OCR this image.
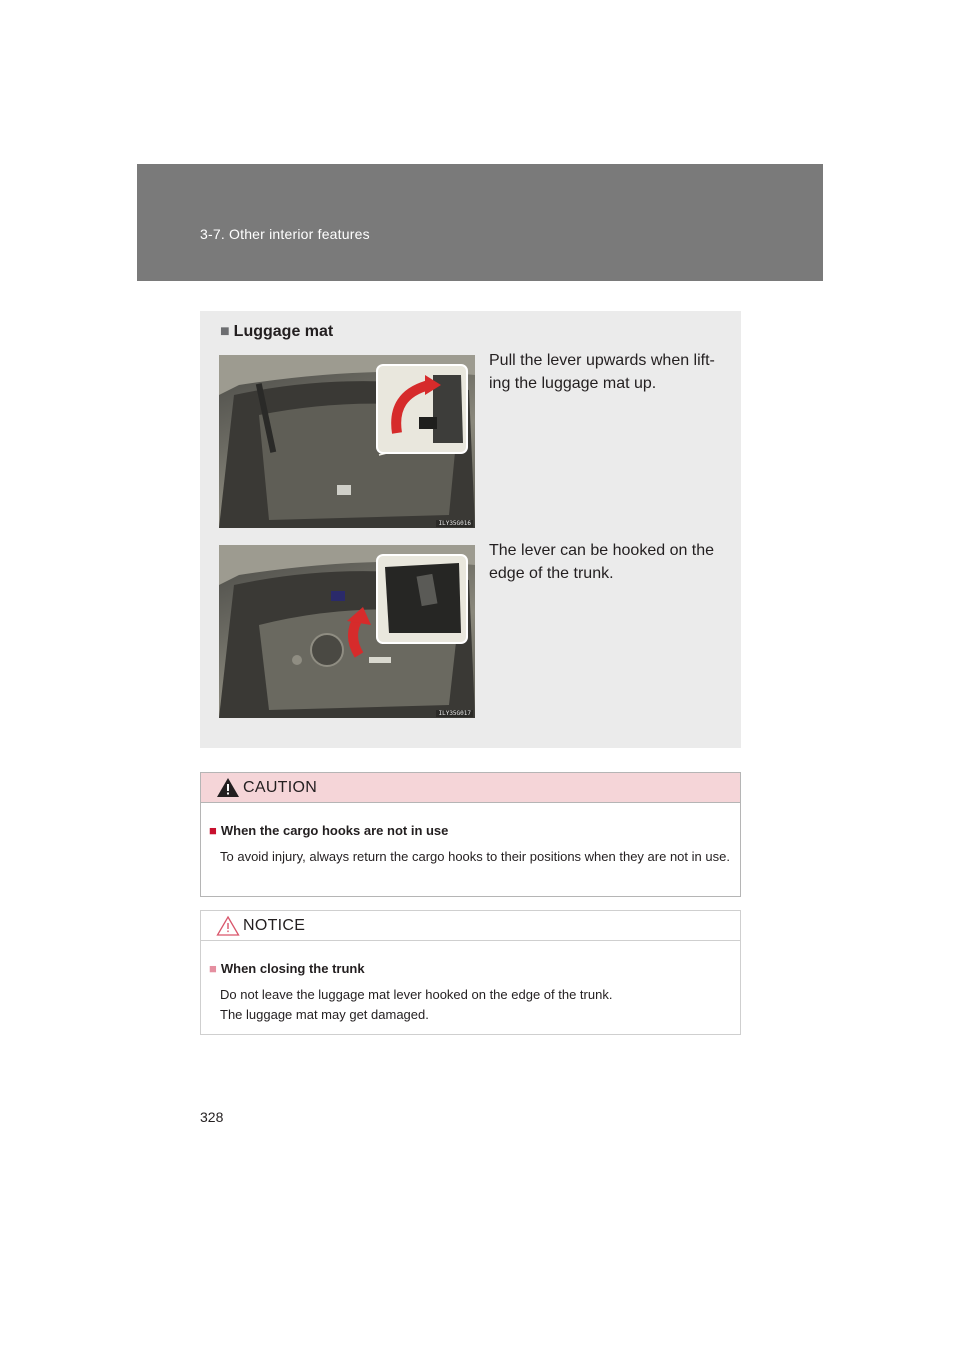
3-7. Other interior features
■ Luggage mat
ILY35G016
Pull the lever upwards when lift-ing the luggage mat up.
ILY35G017
The lever can be hooked on the edge of the trunk.
CAUTION
■ When the cargo hooks are not in use
To avoid injury, always return the cargo hooks to their positions when they are not in use.
NOTICE
■ When closing the trunk
Do not leave the luggage mat lever hooked on the edge of the trunk.
The luggage mat may get damaged.
328
